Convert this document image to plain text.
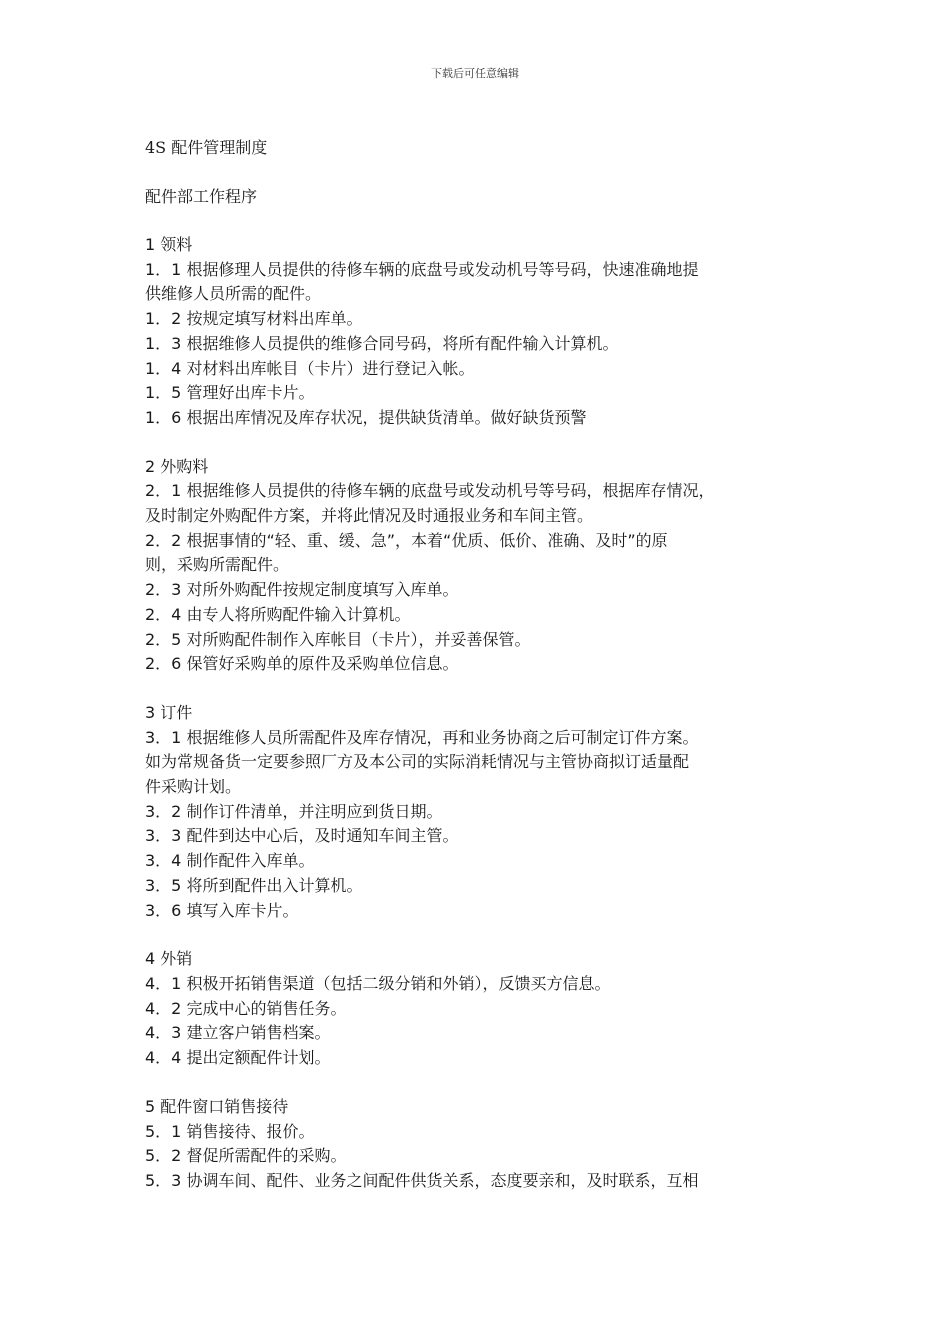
下载后可任意编辑

4S 配件管理制度

配件部工作程序

1 领料

1．1 根据修理人员提供的待修车辆的底盘号或发动机号等号码，快速准确地提
供维修人员所需的配件。

1．2 按规定填写材料出库单。

1．3 根据维修人员提供的维修合同号码，将所有配件输入计算机。

1．4 对材料出库帐目（卡片）进行登记入帐。

1．5 管理好出库卡片。

1．6 根据出库情况及库存状况，提供缺货清单。做好缺货预警

2 外购料

2．1 根据维修人员提供的待修车辆的底盘号或发动机号等号码，根据库存情况，
及时制定外购配件方案，并将此情况及时通报业务和车间主管。

2．2 根据事情的“轻、重、缓、急”，本着“优质、低价、准确、及时”的原
则，采购所需配件。

2．3 对所外购配件按规定制度填写入库单。

2．4 由专人将所购配件输入计算机。

2．5 对所购配件制作入库帐目（卡片），并妥善保管。

2．6 保管好采购单的原件及采购单位信息。

3 订件

3．1 根据维修人员所需配件及库存情况，再和业务协商之后可制定订件方案。
如为常规备货一定要参照厂方及本公司的实际消耗情况与主管协商拟订适量配
件采购计划。

3．2 制作订件清单，并注明应到货日期。

3．3 配件到达中心后，及时通知车间主管。

3．4 制作配件入库单。

3．5 将所到配件出入计算机。

3．6 填写入库卡片。

4 外销

4．1 积极开拓销售渠道（包括二级分销和外销），反馈买方信息。

4．2 完成中心的销售任务。

4．3 建立客户销售档案。

4．4 提出定额配件计划。

5 配件窗口销售接待

5．1 销售接待、报价。

5．2 督促所需配件的采购。

5．3 协调车间、配件、业务之间配件供货关系，态度要亲和，及时联系，互相
